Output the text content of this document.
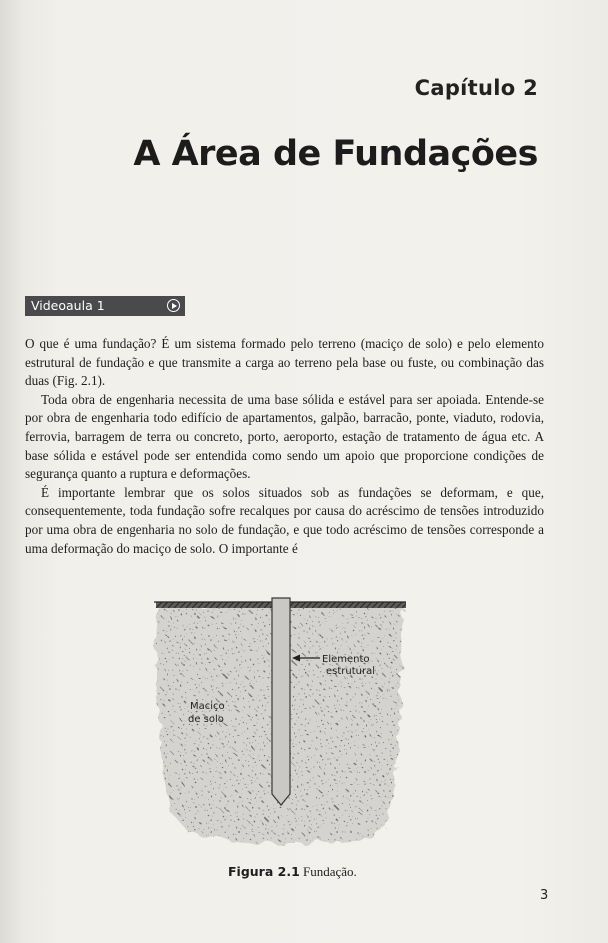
Capítulo 2
A Área de Fundações
Videoaula 1

O que é uma fundação? É um sistema formado pelo terreno (maciço de solo) e pelo elemento estrutural de fundação e que transmite a carga ao terreno pela base ou fuste, ou combinação das duas (Fig. 2.1).

Toda obra de engenharia necessita de uma base sólida e estável para ser apoiada. Entende-se por obra de engenharia todo edifício de apartamentos, galpão, barracão, ponte, viaduto, rodovia, ferrovia, barragem de terra ou concreto, porto, aeroporto, estação de tratamento de água etc. A base sólida e estável pode ser entendida como sendo um apoio que proporcione condições de segurança quanto a ruptura e deformações.

É importante lembrar que os solos situados sob as fundações se deformam, e que, consequentemente, toda fundação sofre recalques por causa do acréscimo de tensões introduzido por uma obra de engenharia no solo de fundação, e que todo acréscimo de tensões corresponde a uma deformação do maciço de solo. O importante é

Elemento
estrutural
Maciço
de solo
Figura 2.1 Fundação.
3
